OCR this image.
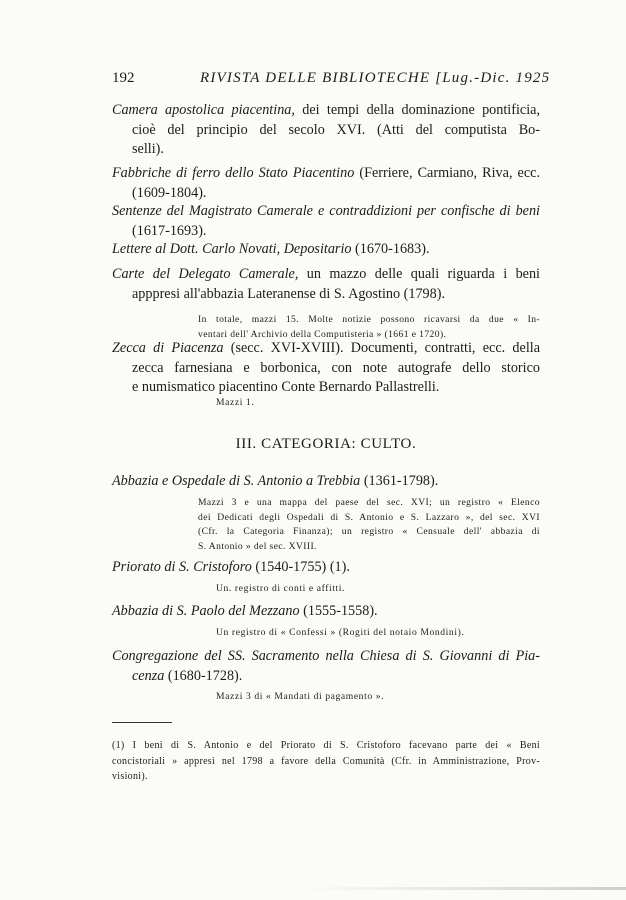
192	RIVISTA DELLE BIBLIOTECHE [Lug.-Dic. 1925
Camera apostolica piacentina, dei tempi della dominazione pontificia,
cioè del principio del secolo XVI. (Atti del computista Bo-
selli).
Fabbriche di ferro dello Stato Piacentino (Ferriere, Carmiano, Riva, ecc.
(1609-1804).
Sentenze del Magistrato Camerale e contraddizioni per confische di beni
(1617-1693).
Lettere al Dott. Carlo Novati, Depositario (1670-1683).
Carte del Delegato Camerale, un mazzo delle quali riguarda i beni
apppresi all'abbazia Lateranense di S. Agostino (1798).
In totale, mazzi 15. Molte notizie possono ricavarsi da due « In-
ventari dell' Archivio della Computisteria » (1661 e 1720).
Zecca di Piacenza (secc. XVI-XVIII). Documenti, contratti, ecc. della
zecca farnesiana e borbonica, con note autografe dello storico
e numismatico piacentino Conte Bernardo Pallastrelli.
Mazzi 1.
III. CATEGORIA: CULTO.
Abbazia e Ospedale di S. Antonio a Trebbia (1361-1798).
Mazzi 3 e una mappa del paese del sec. XVI; un registro « Elenco
dei Dedicati degli Ospedali di S. Antonio e S. Lazzaro », del sec. XVI
(Cfr. la Categoria Finanza); un registro « Censuale dell' abbazia di
S. Antonio » del sec. XVIII.
Priorato di S. Cristoforo (1540-1755) (1).
Un. registro di conti e affitti.
Abbazia di S. Paolo del Mezzano (1555-1558).
Un registro di « Confessi » (Rogiti del notaio Mondini).
Congregazione del SS. Sacramento nella Chiesa di S. Giovanni di Pia-
cenza (1680-1728).
Mazzi 3 di « Mandati di pagamento ».
(1) I beni di S. Antonio e del Priorato di S. Cristoforo facevano parte dei « Beni
concistoriali » appresi nel 1798 a favore della Comunità (Cfr. in Amministrazione, Prov-
visioni).
